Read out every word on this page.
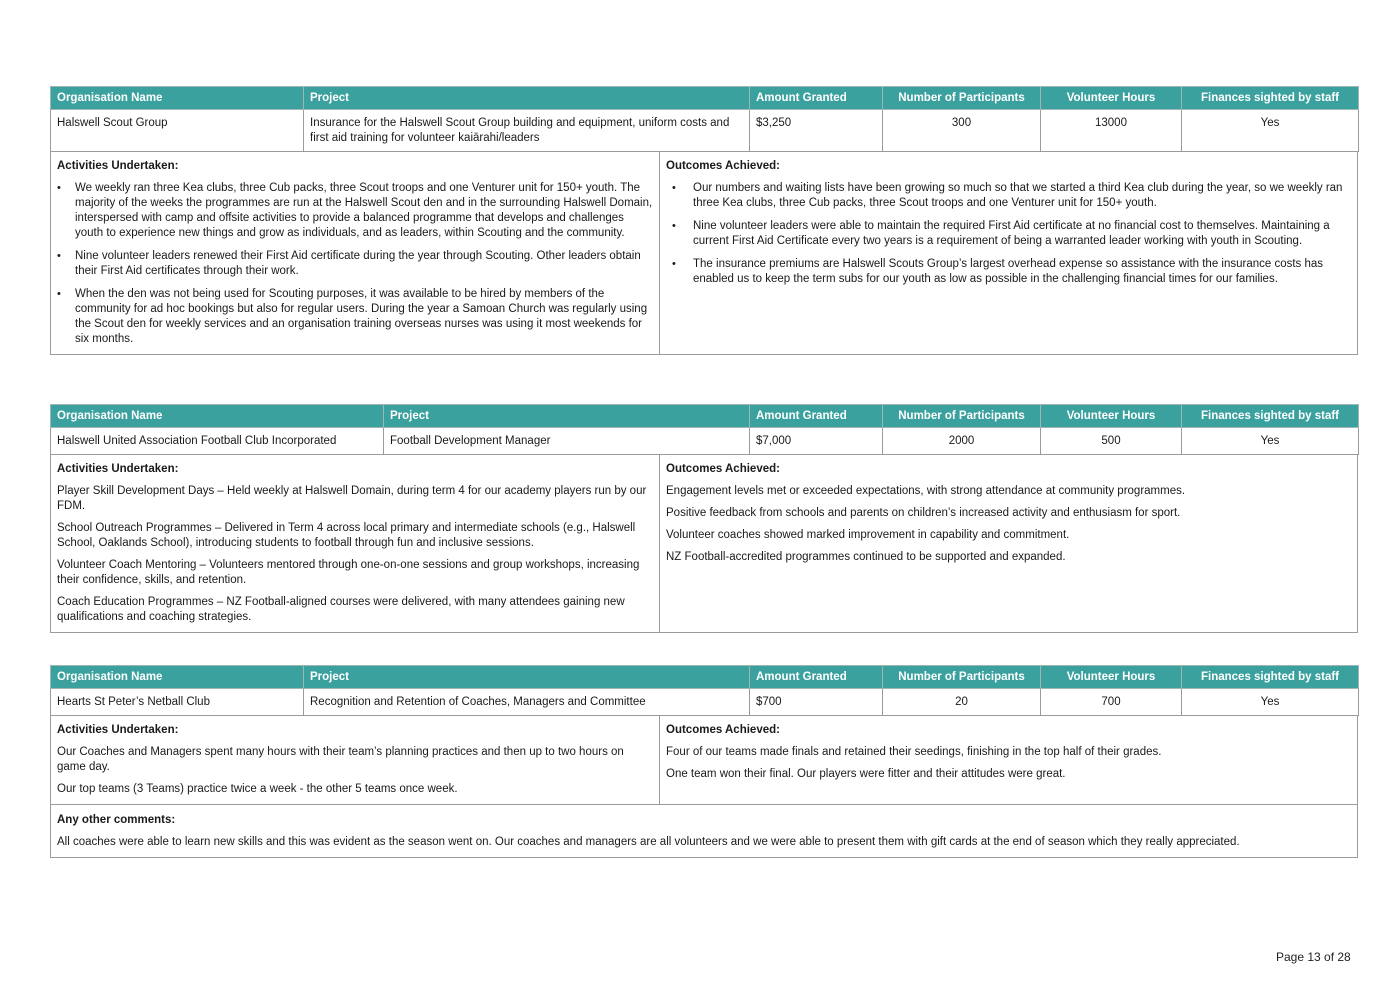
Organisation Name	Project	Amount Granted	Number of Participants	Volunteer Hours	Finances sighted by staff
Halswell Scout Group	Insurance for the Halswell Scout Group building and equipment, uniform costs and first aid training for volunteer kaiārahi/leaders	$3,250	300	13000	Yes
Activities Undertaken:
• We weekly ran three Kea clubs, three Cub packs, three Scout troops and one Venturer unit for 150+ youth. The majority of the weeks the programmes are run at the Halswell Scout den and in the surrounding Halswell Domain, interspersed with camp and offsite activities to provide a balanced programme that develops and challenges youth to experience new things and grow as individuals, and as leaders, within Scouting and the community.
• Nine volunteer leaders renewed their First Aid certificate during the year through Scouting. Other leaders obtain their First Aid certificates through their work.
• When the den was not being used for Scouting purposes, it was available to be hired by members of the community for ad hoc bookings but also for regular users. During the year a Samoan Church was regularly using the Scout den for weekly services and an organisation training overseas nurses was using it most weekends for six months.
Outcomes Achieved:
• Our numbers and waiting lists have been growing so much so that we started a third Kea club during the year, so we weekly ran three Kea clubs, three Cub packs, three Scout troops and one Venturer unit for 150+ youth.
• Nine volunteer leaders were able to maintain the required First Aid certificate at no financial cost to themselves. Maintaining a current First Aid Certificate every two years is a requirement of being a warranted leader working with youth in Scouting.
• The insurance premiums are Halswell Scouts Group’s largest overhead expense so assistance with the insurance costs has enabled us to keep the term subs for our youth as low as possible in the challenging financial times for our families.
Organisation Name	Project	Amount Granted	Number of Participants	Volunteer Hours	Finances sighted by staff
Halswell United Association Football Club Incorporated	Football Development Manager	$7,000	2000	500	Yes
Activities Undertaken:

Player Skill Development Days – Held weekly at Halswell Domain, during term 4 for our academy players run by our FDM.

School Outreach Programmes – Delivered in Term 4 across local primary and intermediate schools (e.g., Halswell School, Oaklands School), introducing students to football through fun and inclusive sessions.

Volunteer Coach Mentoring – Volunteers mentored through one-on-one sessions and group workshops, increasing their confidence, skills, and retention.

Coach Education Programmes – NZ Football-aligned courses were delivered, with many attendees gaining new qualifications and coaching strategies.

Outcomes Achieved:

Engagement levels met or exceeded expectations, with strong attendance at community programmes.

Positive feedback from schools and parents on children’s increased activity and enthusiasm for sport.

Volunteer coaches showed marked improvement in capability and commitment.

NZ Football-accredited programmes continued to be supported and expanded.

Organisation Name	Project	Amount Granted	Number of Participants	Volunteer Hours	Finances sighted by staff
Hearts St Peter’s Netball Club	Recognition and Retention of Coaches, Managers and Committee	$700	20	700	Yes
Activities Undertaken:

Our Coaches and Managers spent many hours with their team’s planning practices and then up to two hours on game day.

Our top teams (3 Teams) practice twice a week - the other 5 teams once week.

Outcomes Achieved:

Four of our teams made finals and retained their seedings, finishing in the top half of their grades.

One team won their final. Our players were fitter and their attitudes were great.

Any other comments:
All coaches were able to learn new skills and this was evident as the season went on. Our coaches and managers are all volunteers and we were able to present them with gift cards at the end of season which they really appreciated.
Page 13 of 28
